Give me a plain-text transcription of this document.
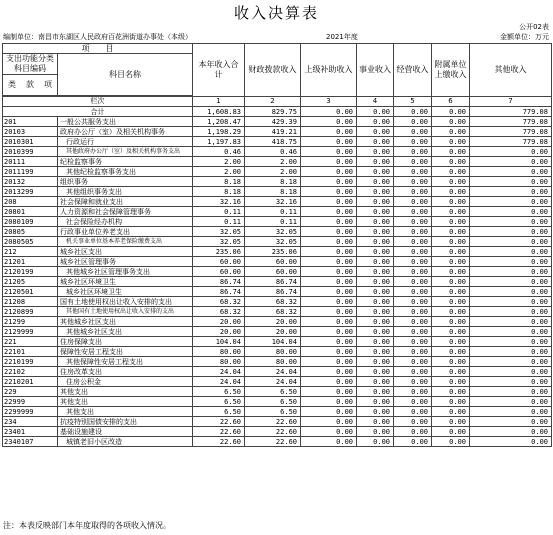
收入决算表
公开02表
编制单位：南昌市东湖区人民政府百花洲街道办事处（本级）	2021年度	金额单位：万元
项　　目		本年收入合计	财政拨款收入	上级补助收入	事业收入	经营收入	附属单位上缴收入	其他收入
支出功能分类科目编码	科目名称							

类 款 项								

栏次		1	2	3	4	5	6	7
合计		1,608.83	829.75	0.00	0.00	0.00	0.00	779.08
201	一般公共服务支出	1,208.47	429.39	0.00	0.00	0.00	0.00	779.08
20103	政府办公厅（室）及相关机构事务	1,198.29	419.21	0.00	0.00	0.00	0.00	779.08
2010301	行政运行	1,197.83	418.75	0.00	0.00	0.00	0.00	779.08
2010399	其他政府办公厅（室）及相关机构事务支出	0.46	0.46	0.00	0.00	0.00	0.00	0.00
20111	纪检监察事务	2.00	2.00	0.00	0.00	0.00	0.00	0.00
2011199	其他纪检监察事务支出	2.00	2.00	0.00	0.00	0.00	0.00	0.00
20132	组织事务	8.18	8.18	0.00	0.00	0.00	0.00	0.00
2013299	其他组织事务支出	8.18	8.18	0.00	0.00	0.00	0.00	0.00
208	社会保障和就业支出	32.16	32.16	0.00	0.00	0.00	0.00	0.00
20801	人力资源和社会保障管理事务	0.11	0.11	0.00	0.00	0.00	0.00	0.00
2080109	社会保险经办机构	0.11	0.11	0.00	0.00	0.00	0.00	0.00
20805	行政事业单位养老支出	32.05	32.05	0.00	0.00	0.00	0.00	0.00
2080505	机关事业单位基本养老保险缴费支出	32.05	32.05	0.00	0.00	0.00	0.00	0.00
212	城乡社区支出	235.06	235.06	0.00	0.00	0.00	0.00	0.00
21201	城乡社区管理事务	60.00	60.00	0.00	0.00	0.00	0.00	0.00
2120199	其他城乡社区管理事务支出	60.00	60.00	0.00	0.00	0.00	0.00	0.00
21205	城乡社区环境卫生	86.74	86.74	0.00	0.00	0.00	0.00	0.00
2120501	城乡社区环境卫生	86.74	86.74	0.00	0.00	0.00	0.00	0.00
21208	国有土地使用权出让收入安排的支出	68.32	68.32	0.00	0.00	0.00	0.00	0.00
2120899	其他国有土地使用权出让收入安排的支出	68.32	68.32	0.00	0.00	0.00	0.00	0.00
21299	其他城乡社区支出	20.00	20.00	0.00	0.00	0.00	0.00	0.00
2129999	其他城乡社区支出	20.00	20.00	0.00	0.00	0.00	0.00	0.00
221	住房保障支出	104.04	104.04	0.00	0.00	0.00	0.00	0.00
22101	保障性安居工程支出	80.00	80.00	0.00	0.00	0.00	0.00	0.00
2210199	其他保障性安居工程支出	80.00	80.00	0.00	0.00	0.00	0.00	0.00
22102	住房改革支出	24.04	24.04	0.00	0.00	0.00	0.00	0.00
2210201	住房公积金	24.04	24.04	0.00	0.00	0.00	0.00	0.00
229	其他支出	6.50	6.50	0.00	0.00	0.00	0.00	0.00
22999	其他支出	6.50	6.50	0.00	0.00	0.00	0.00	0.00
2299999	其他支出	6.50	6.50	0.00	0.00	0.00	0.00	0.00
234	抗疫特别国债安排的支出	22.60	22.60	0.00	0.00	0.00	0.00	0.00
23401	基础设施建设	22.60	22.60	0.00	0.00	0.00	0.00	0.00
2340107	城镇老旧小区改造	22.60	22.60	0.00	0.00	0.00	0.00	0.00
注：本表反映部门本年度取得的各项收入情况。
